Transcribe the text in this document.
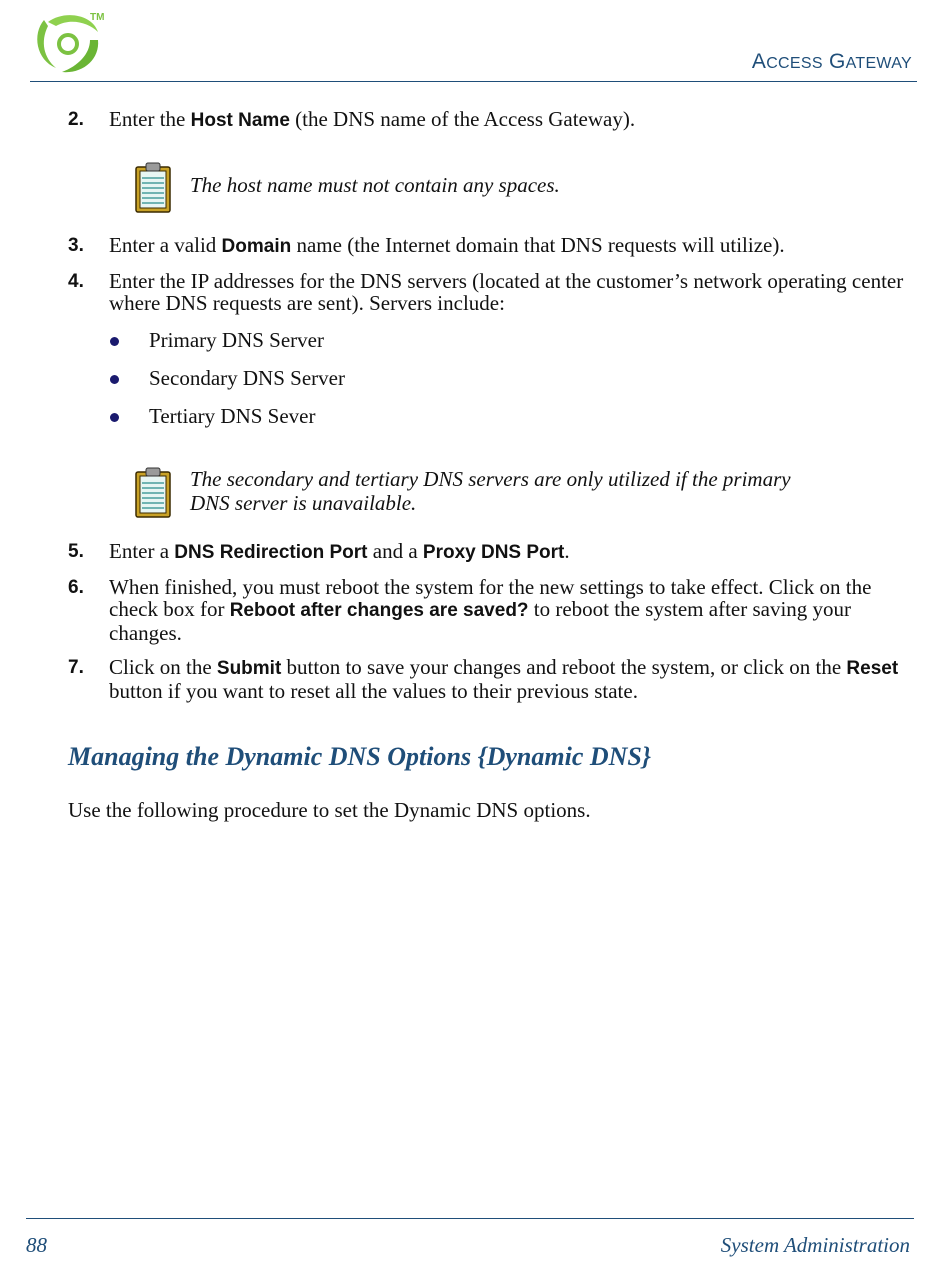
TM
ACCESS GATEWAY
2. Enter the Host Name (the DNS name of the Access Gateway).
The host name must not contain any spaces.
3. Enter a valid Domain name (the Internet domain that DNS requests will utilize).
4. Enter the IP addresses for the DNS servers (located at the customer’s network operating center where DNS requests are sent). Servers include:
Primary DNS Server
Secondary DNS Server
Tertiary DNS Sever
The secondary and tertiary DNS servers are only utilized if the primary DNS server is unavailable.
5. Enter a DNS Redirection Port and a Proxy DNS Port.
6. When finished, you must reboot the system for the new settings to take effect. Click on the check box for Reboot after changes are saved? to reboot the system after saving your changes.
7. Click on the Submit button to save your changes and reboot the system, or click on the Reset button if you want to reset all the values to their previous state.
Managing the Dynamic DNS Options {Dynamic DNS}
Use the following procedure to set the Dynamic DNS options.
88	System Administration
